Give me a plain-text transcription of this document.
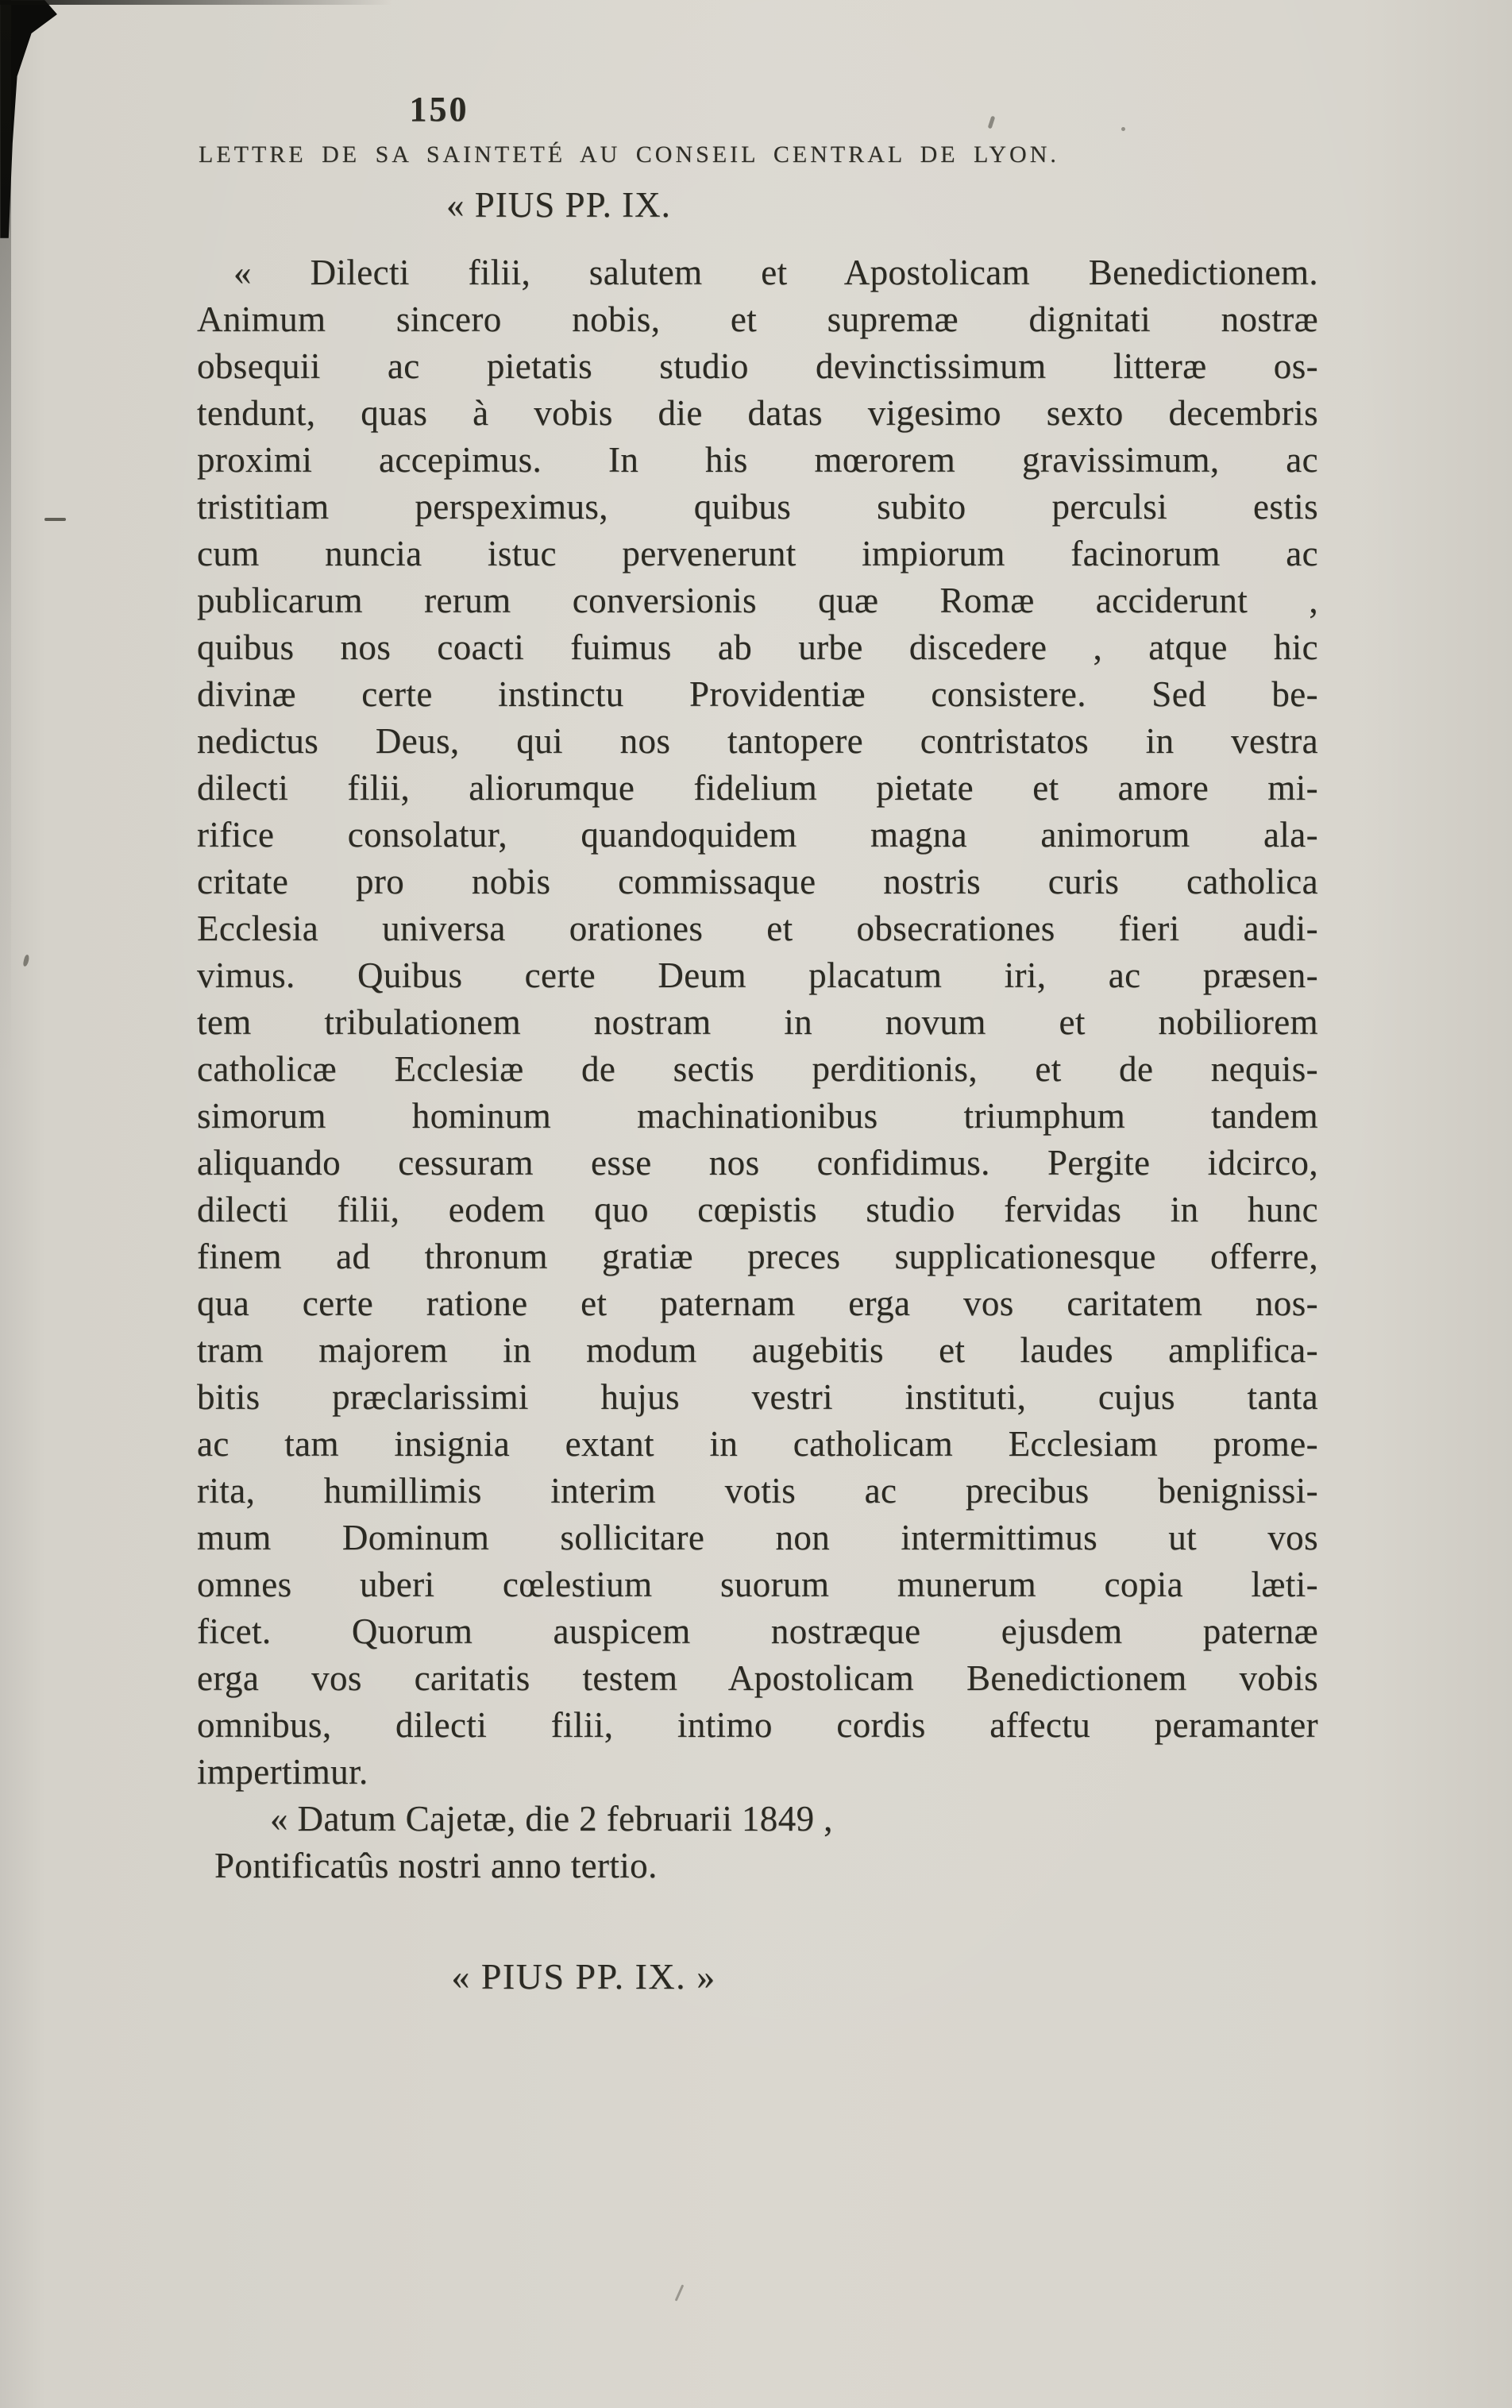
150
LETTRE DE SA SAINTETÉ AU CONSEIL CENTRAL DE LYON.
« PIUS PP. IX.
« Dilecti filii, salutem et Apostolicam Benedictionem.
Animum sincero nobis, et supremæ dignitati nostræ
obsequii ac pietatis studio devinctissimum litteræ os-
tendunt, quas à vobis die datas vigesimo sexto decembris
proximi accepimus. In his mœrorem gravissimum, ac
tristitiam perspeximus, quibus subito perculsi estis
cum nuncia istuc pervenerunt impiorum facinorum ac
publicarum rerum conversionis quæ Romæ acciderunt ,
quibus nos coacti fuimus ab urbe discedere , atque hic
divinæ certe instinctu Providentiæ consistere. Sed be-
nedictus Deus, qui nos tantopere contristatos in vestra
dilecti filii, aliorumque fidelium pietate et amore mi-
rifice consolatur, quandoquidem magna animorum ala-
critate pro nobis commissaque nostris curis catholica
Ecclesia universa orationes et obsecrationes fieri audi-
vimus. Quibus certe Deum placatum iri, ac præsen-
tem tribulationem nostram in novum et nobiliorem
catholicæ Ecclesiæ de sectis perditionis, et de nequis-
simorum hominum machinationibus triumphum tandem
aliquando cessuram esse nos confidimus. Pergite idcirco,
dilecti filii, eodem quo cœpistis studio fervidas in hunc
finem ad thronum gratiæ preces supplicationesque offerre,
qua certe ratione et paternam erga vos caritatem nos-
tram majorem in modum augebitis et laudes amplifica-
bitis præclarissimi hujus vestri instituti, cujus tanta
ac tam insignia extant in catholicam Ecclesiam prome-
rita, humillimis interim votis ac precibus benignissi-
mum Dominum sollicitare non intermittimus ut vos
omnes uberi cœlestium suorum munerum copia læti-
ficet. Quorum auspicem nostræque ejusdem paternæ
erga vos caritatis testem Apostolicam Benedictionem vobis
omnibus, dilecti filii, intimo cordis affectu peramanter
impertimur.
« Datum Cajetæ, die 2 februarii 1849 ,
Pontificatûs nostri anno tertio.
« PIUS PP. IX. »
